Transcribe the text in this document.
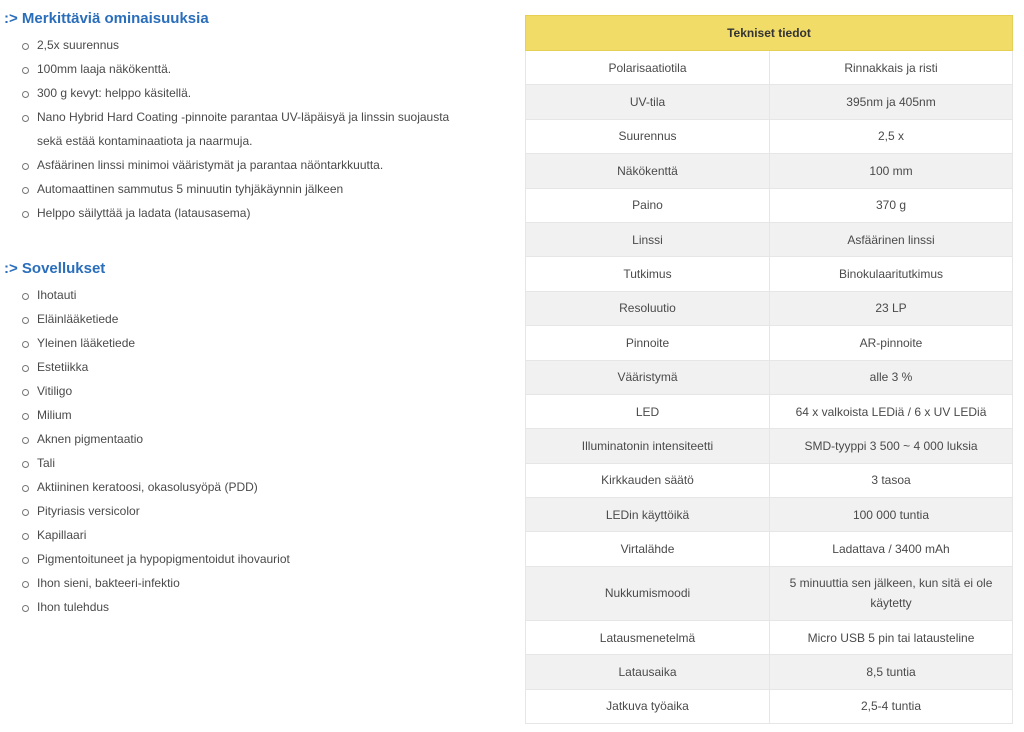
:> Merkittäviä ominaisuuksia
2,5x suurennus
100mm laaja näkökenttä.
300 g kevyt: helppo käsitellä.
Nano Hybrid Hard Coating -pinnoite parantaa UV-läpäisyä ja linssin suojausta
sekä estää kontaminaatiota ja naarmuja.
Asfäärinen linssi minimoi vääristymät ja parantaa näöntarkkuutta.
Automaattinen sammutus 5 minuutin tyhjäkäynnin jälkeen
Helppo säilyttää ja ladata (latausasema)
:> Sovellukset
Ihotauti
Eläinlääketiede
Yleinen lääketiede
Estetiikka
Vitiligo
Milium
Aknen pigmentaatio
Tali
Aktiininen keratoosi, okasolusyöpä (PDD)
Pityriasis versicolor
Kapillaari
Pigmentoituneet ja hypopigmentoidut ihovauriot
Ihon sieni, bakteeri-infektio
Ihon tulehdus
Tekniset tiedot	
Polarisaatiotila	Rinnakkais ja risti
UV-tila	395nm ja 405nm
Suurennus	2,5 x
Näkökenttä	100 mm
Paino	370 g
Linssi	Asfäärinen linssi
Tutkimus	Binokulaaritutkimus
Resoluutio	23 LP
Pinnoite	AR-pinnoite
Vääristymä	alle 3 %
LED	64 x valkoista LEDiä / 6 x UV LEDiä
Illuminatonin intensiteetti	SMD-tyyppi 3 500 ~ 4 000 luksia
Kirkkauden säätö	3 tasoa
LEDin käyttöikä	100 000 tuntia
Virtalähde	Ladattava / 3400 mAh
Nukkumismoodi	5 minuuttia sen jälkeen, kun sitä ei ole käytetty
Latausmenetelmä	Micro USB 5 pin tai latausteline
Latausaika	8,5 tuntia
Jatkuva työaika	2,5-4 tuntia
